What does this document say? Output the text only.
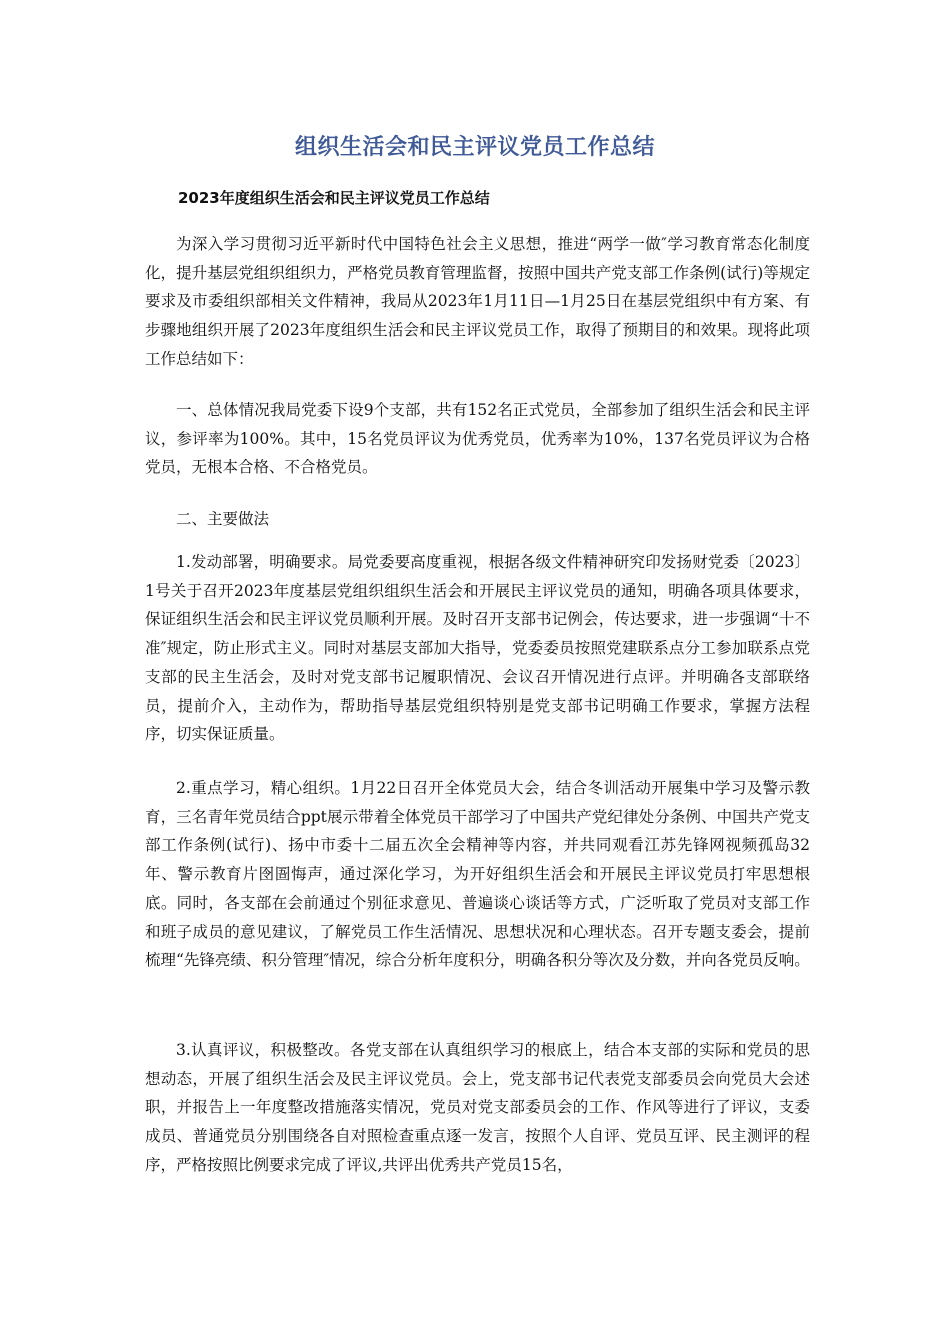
组织生活会和民主评议党员工作总结
2023年度组织生活会和民主评议党员工作总结

为深入学习贯彻习近平新时代中国特色社会主义思想，推进“两学一做″学习教育常态化制度化，提升基层党组织组织力，严格党员教育管理监督，按照中国共产党支部工作条例(试行)等规定要求及市委组织部相关文件精神，我局从2023年1月11日—1月25日在基层党组织中有方案、有步骤地组织开展了2023年度组织生活会和民主评议党员工作，取得了预期目的和效果。现将此项工作总结如下：

一、总体情况我局党委下设9个支部，共有152名正式党员，全部参加了组织生活会和民主评议，参评率为100%。其中，15名党员评议为优秀党员，优秀率为10%，137名党员评议为合格党员，无根本合格、不合格党员。

二、主要做法

1.发动部署，明确要求。局党委要高度重视，根据各级文件精神研究印发扬财党委〔2023〕1号关于召开2023年度基层党组织组织生活会和开展民主评议党员的通知，明确各项具体要求，保证组织生活会和民主评议党员顺利开展。及时召开支部书记例会，传达要求，进一步强调“十不准″规定，防止形式主义。同时对基层支部加大指导，党委委员按照党建联系点分工参加联系点党支部的民主生活会，及时对党支部书记履职情况、会议召开情况进行点评。并明确各支部联络员，提前介入，主动作为，帮助指导基层党组织特别是党支部书记明确工作要求，掌握方法程序，切实保证质量。

2.重点学习，精心组织。1月22日召开全体党员大会，结合冬训活动开展集中学习及警示教育，三名青年党员结合ppt展示带着全体党员干部学习了中国共产党纪律处分条例、中国共产党支部工作条例(试行)、扬中市委十二届五次全会精神等内容，并共同观看江苏先锋网视频孤岛32年、警示教育片囹圄悔声，通过深化学习，为开好组织生活会和开展民主评议党员打牢思想根底。同时，各支部在会前通过个别征求意见、普遍谈心谈话等方式，广泛听取了党员对支部工作和班子成员的意见建议，了解党员工作生活情况、思想状况和心理状态。召开专题支委会，提前梳理“先锋亮绩、积分管理″情况，综合分析年度积分，明确各积分等次及分数，并向各党员反响。

3.认真评议，积极整改。各党支部在认真组织学习的根底上，结合本支部的实际和党员的思想动态，开展了组织生活会及民主评议党员。会上，党支部书记代表党支部委员会向党员大会述职，并报告上一年度整改措施落实情况，党员对党支部委员会的工作、作风等进行了评议，支委成员、普通党员分别围绕各自对照检查重点逐一发言，按照个人自评、党员互评、民主测评的程序，严格按照比例要求完成了评议,共评出优秀共产党员15名，
